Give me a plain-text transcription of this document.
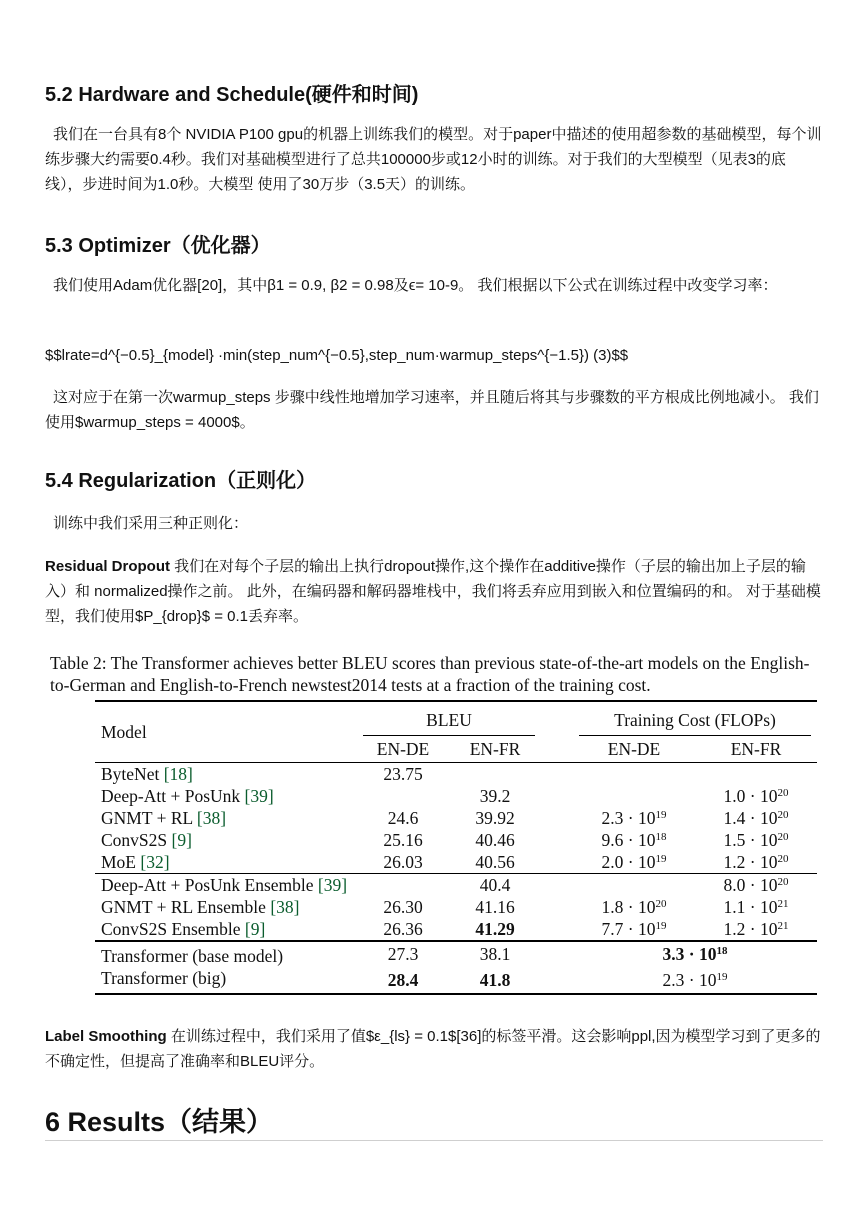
5.2 Hardware and Schedule(硬件和时间)

我们在一台具有8个 NVIDIA P100 gpu的机器上训练我们的模型。对于paper中描述的使用超参数的基础模型，每个训练步骤大约需要0.4秒。我们对基础模型进行了总共100000步或12小时的训练。对于我们的大型模型（见表3的底线），步进时间为1.0秒。大模型 使用了30万步（3.5天）的训练。

5.3 Optimizer（优化器）

我们使用Adam优化器[20]，其中β1 = 0.9, β2 = 0.98及ϵ= 10-9。 我们根据以下公式在训练过程中改变学习率：

$$lrate=d^{−0.5}_{model} ·min(step_num^{−0.5},step_num·warmup_steps^{−1.5}) (3)$$

这对应于在第一次warmup_steps 步骤中线性地增加学习速率，并且随后将其与步骤数的平方根成比例地减小。 我们使用$warmup_steps = 4000$。

5.4 Regularization（正则化）

训练中我们采用三种正则化：

Residual Dropout 我们在对每个子层的输出上执行dropout操作,这个操作在additive操作（子层的输出加上子层的输入）和 normalized操作之前。 此外，在编码器和解码器堆栈中，我们将丢弃应用到嵌入和位置编码的和。 对于基础模型，我们使用$P_{drop}$ = 0.1丢弃率。

Table 2: The Transformer achieves better BLEU scores than previous state-of-the-art models on the English-to-German and English-to-French newstest2014 tests at a fraction of the training cost.
Model	BLEU			Training Cost (FLOPs)	

	EN-DE	EN-FR		EN-DE	EN-FR
ByteNet [18]	23.75				
Deep-Att + PosUnk [39]		39.2			$1.0 \cdot 10^{20}$
GNMT + RL [38]	24.6	39.92		$2.3 \cdot 10^{19}$	$1.4 \cdot 10^{20}$
ConvS2S [9]	25.16	40.46		$9.6 \cdot 10^{18}$	$1.5 \cdot 10^{20}$
MoE [32]	26.03	40.56		$2.0 \cdot 10^{19}$	$1.2 \cdot 10^{20}$
Deep-Att + PosUnk Ensemble [39]		40.4			$8.0 \cdot 10^{20}$
GNMT + RL Ensemble [38]	26.30	41.16		$1.8 \cdot 10^{20}$	$1.1 \cdot 10^{21}$
ConvS2S Ensemble [9]	26.36	41.29		$7.7 \cdot 10^{19}$	$1.2 \cdot 10^{21}$
Transformer (base model)	27.3	38.1		$3.3 \cdot 10^{18}$
Transformer (big)	28.4	41.8		$2.3 \cdot 10^{19}$

Label Smoothing 在训练过程中，我们采用了值$ε_{ls} = 0.1$[36]的标签平滑。这会影响ppl,因为模型学习到了更多的不确定性，但提高了准确率和BLEU评分。

6 Results（结果）
